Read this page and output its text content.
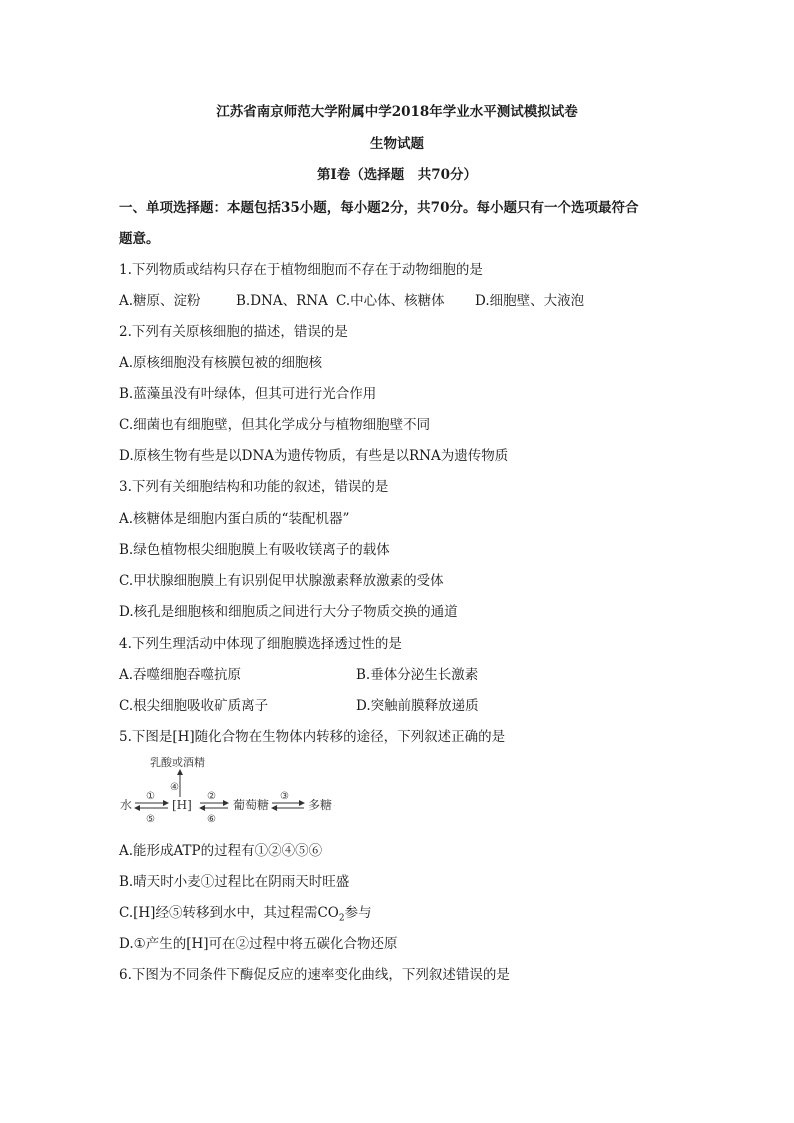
江苏省南京师范大学附属中学2018年学业水平测试模拟试卷
生物试题
第Ⅰ卷（选择题　共70分）
一、单项选择题：本题包括35小题，每小题2分，共70分。每小题只有一个选项最符合
题意。
1.下列物质或结构只存在于植物细胞而不存在于动物细胞的是
A.糖原、淀粉	B.DNA、RNA C.中心体、核糖体 D.细胞壁、大液泡
2.下列有关原核细胞的描述，错误的是
A.原核细胞没有核膜包被的细胞核
B.蓝藻虽没有叶绿体，但其可进行光合作用
C.细菌也有细胞壁，但其化学成分与植物细胞壁不同
D.原核生物有些是以DNA为遗传物质，有些是以RNA为遗传物质
3.下列有关细胞结构和功能的叙述，错误的是
A.核糖体是细胞内蛋白质的“装配机器”
B.绿色植物根尖细胞膜上有吸收镁离子的载体
C.甲状腺细胞膜上有识别促甲状腺激素释放激素的受体
D.核孔是细胞核和细胞质之间进行大分子物质交换的通道
4.下列生理活动中体现了细胞膜选择透过性的是
A.吞噬细胞吞噬抗原	B.垂体分泌生长激素
C.根尖细胞吸收矿质离子	D.突触前膜释放递质
5.下图是[H]随化合物在生物体内转移的途径，下列叙述正确的是
乳酸或酒精
④
水	[H]	葡萄糖	多糖
①
⑤
②
⑥
③
A.能形成ATP的过程有①②④⑤⑥
B.晴天时小麦①过程比在阴雨天时旺盛
C.[H]经⑤转移到水中，其过程需$CO_2$参与
D.①产生的[H]可在②过程中将五碳化合物还原
6.下图为不同条件下酶促反应的速率变化曲线，下列叙述错误的是
